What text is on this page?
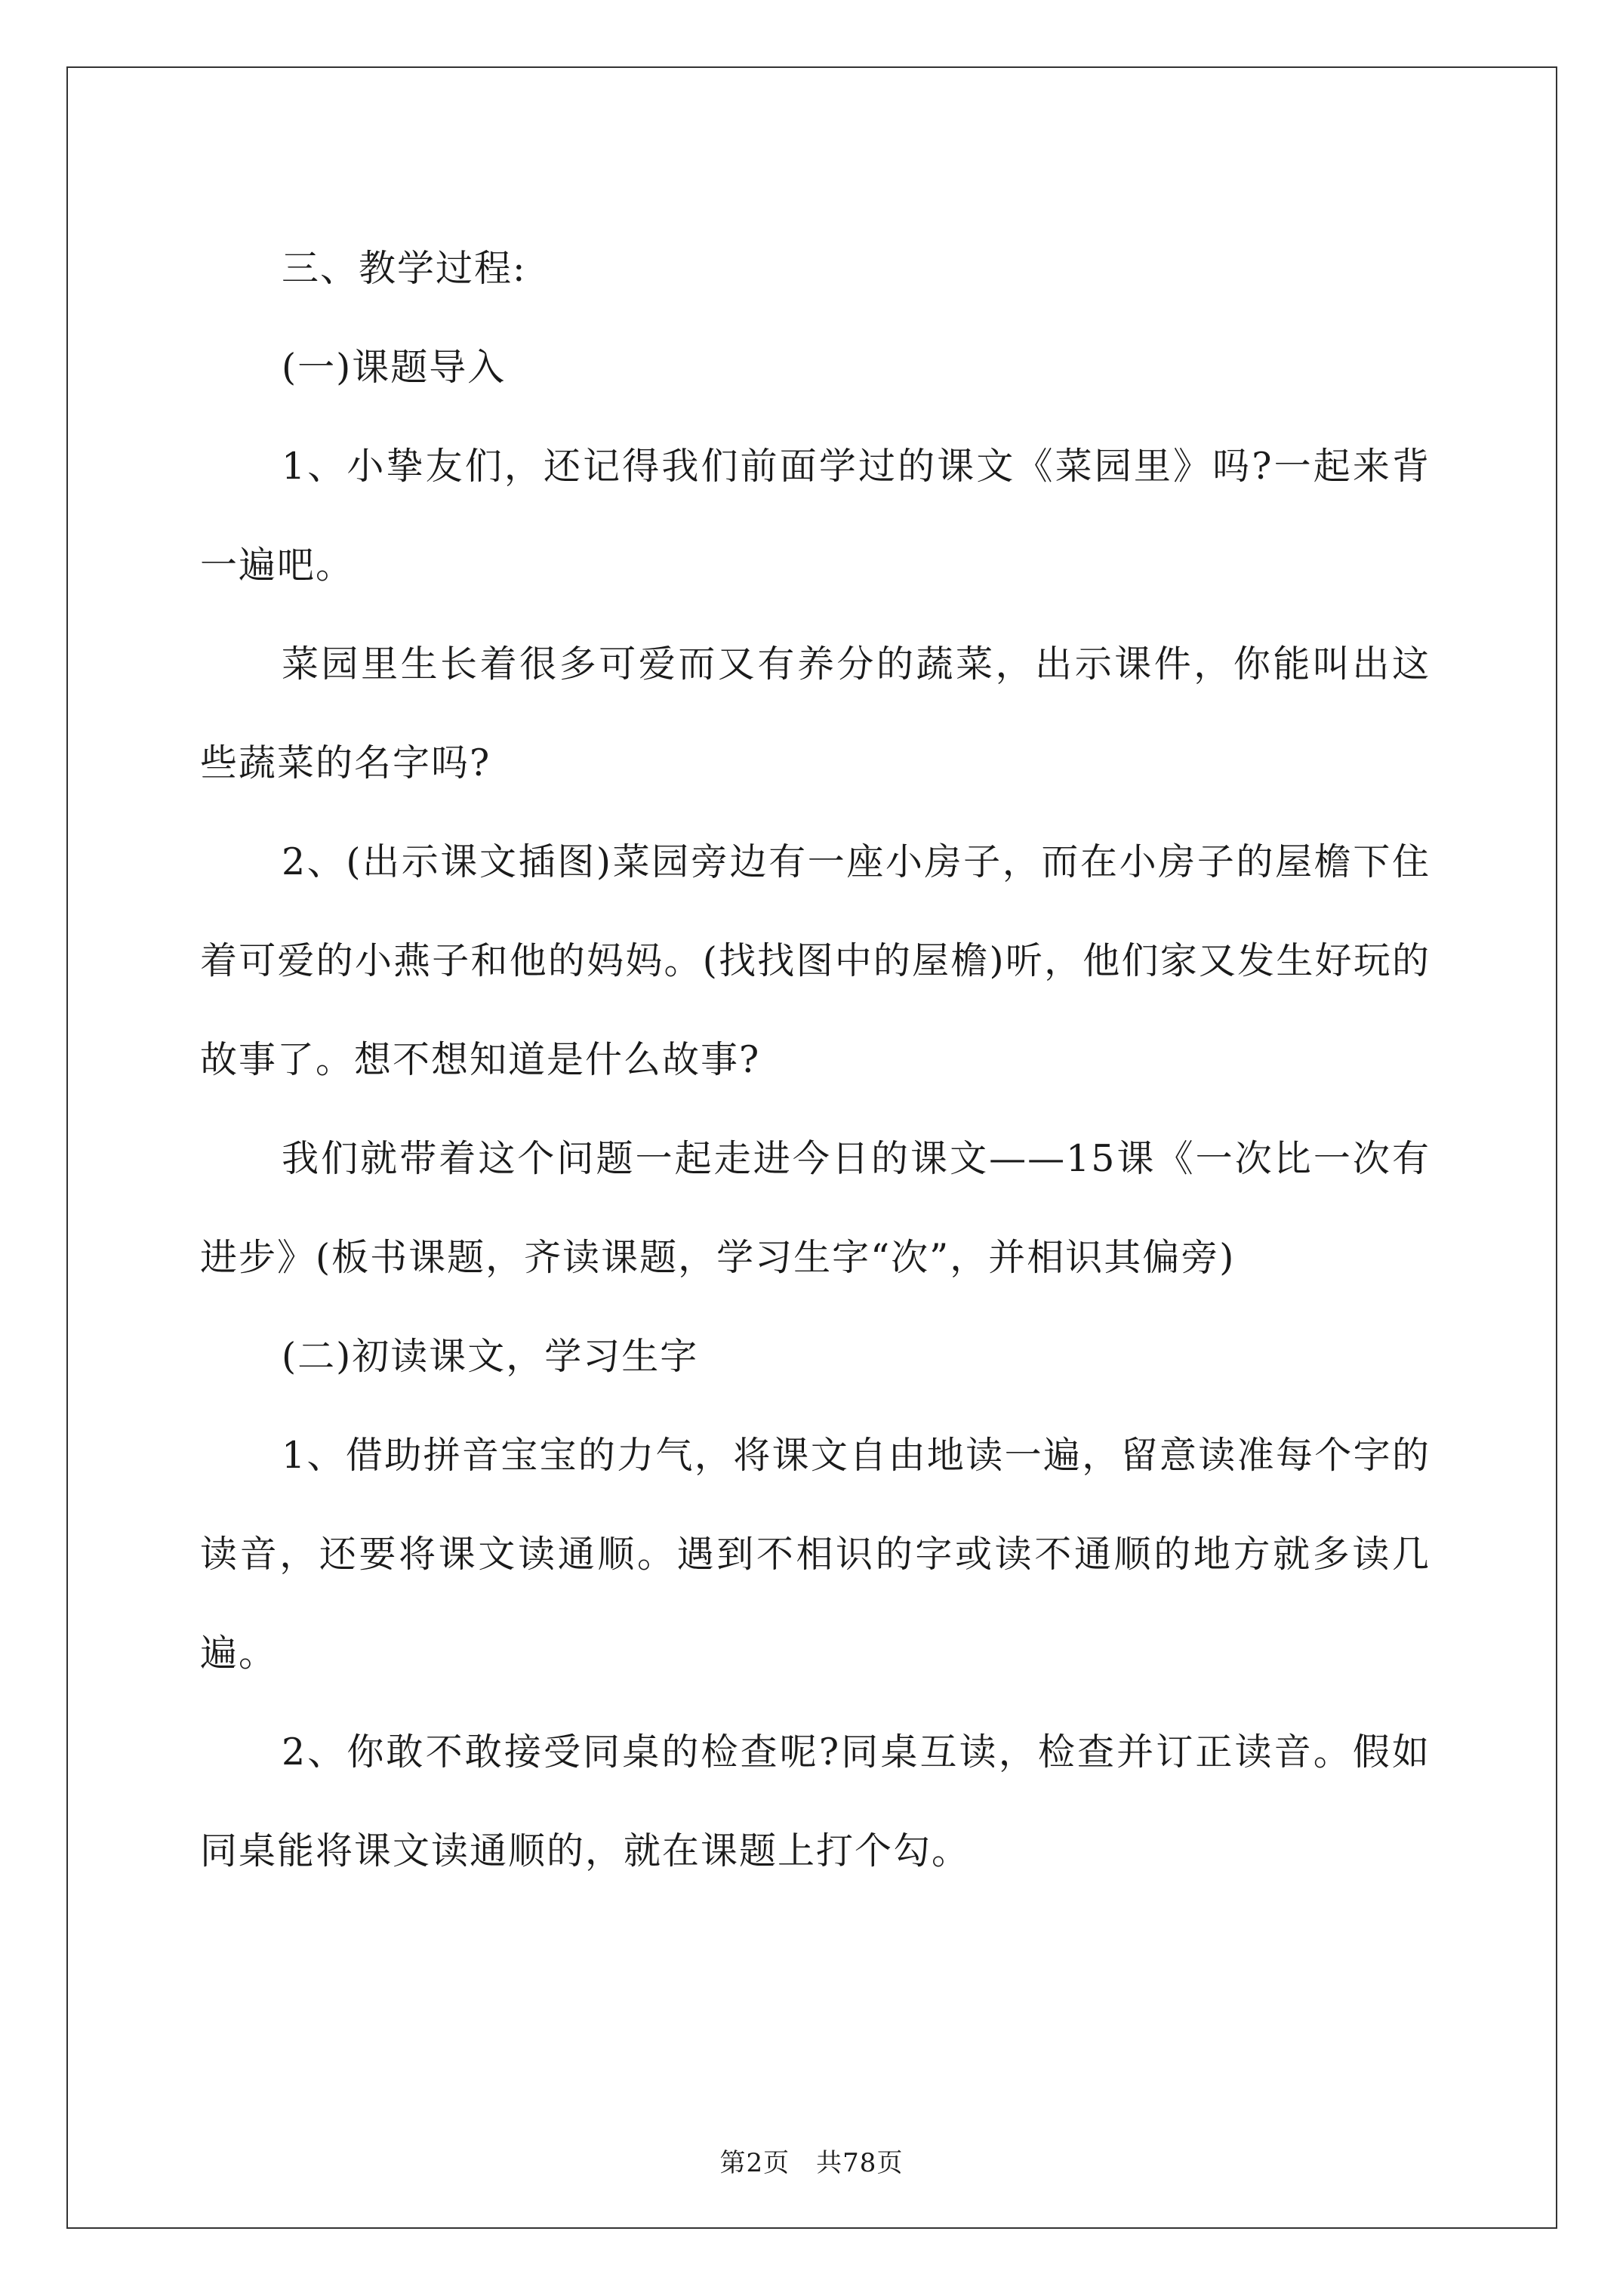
三、教学过程:

(一)课题导入

1、小挚友们，还记得我们前面学过的课文《菜园里》吗?一起来背一遍吧。

菜园里生长着很多可爱而又有养分的蔬菜，出示课件，你能叫出这些蔬菜的名字吗?

2、(出示课文插图)菜园旁边有一座小房子，而在小房子的屋檐下住着可爱的小燕子和他的妈妈。(找找图中的屋檐)听，他们家又发生好玩的故事了。想不想知道是什么故事?

我们就带着这个问题一起走进今日的课文——15课《一次比一次有进步》(板书课题，齐读课题，学习生字“次”，并相识其偏旁)

(二)初读课文，学习生字

1、借助拼音宝宝的力气，将课文自由地读一遍，留意读准每个字的读音，还要将课文读通顺。遇到不相识的字或读不通顺的地方就多读几遍。

2、你敢不敢接受同桌的检查呢?同桌互读，检查并订正读音。假如同桌能将课文读通顺的，就在课题上打个勾。

第2页　共78页
